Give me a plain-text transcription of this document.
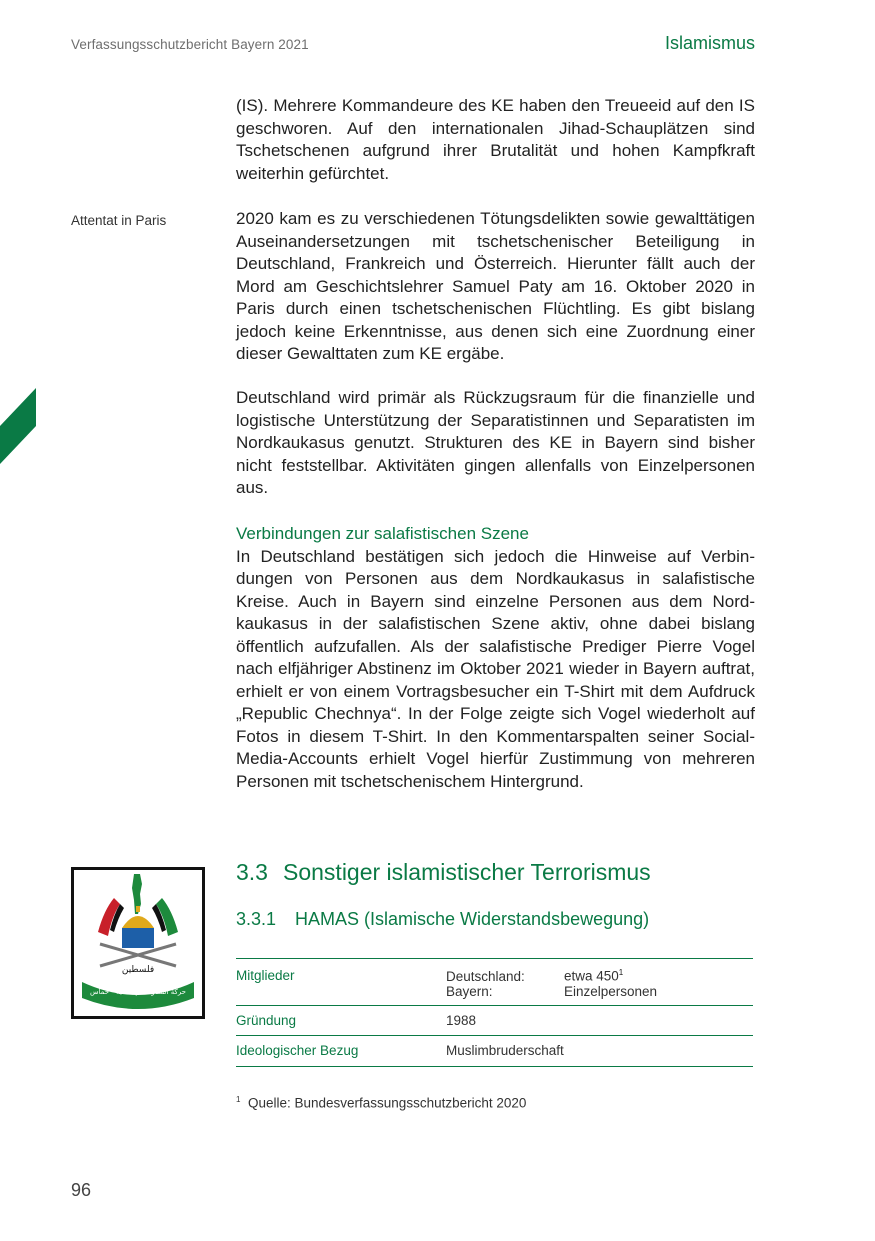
Verfassungsschutzbericht Bayern 2021	Islamismus

(IS). Mehrere Kommandeure des KE haben den Treueeid auf den IS geschworen. Auf den internationalen Jihad-Schauplätzen sind Tschetschenen aufgrund ihrer Brutalität und hohen Kampfkraft weiterhin gefürchtet.

Attentat in Paris	2020 kam es zu verschiedenen Tötungsdelikten sowie gewalttätigen Auseinandersetzungen mit tschetschenischer Beteiligung in Deutschland, Frankreich und Österreich. Hierunter fällt auch der Mord am Geschichtslehrer Samuel Paty am 16. Oktober 2020 in Paris durch einen tschetschenischen Flüchtling. Es gibt bislang jedoch keine Erkenntnisse, aus denen sich eine Zuordnung einer dieser Gewalttaten zum KE ergäbe.

Deutschland wird primär als Rückzugsraum für die finanzielle und logistische Unterstützung der Separatistinnen und Separatisten im Nordkaukasus genutzt. Strukturen des KE in Bayern sind bisher nicht feststellbar. Aktivitäten gingen allenfalls von Einzelpersonen aus.

Verbindungen zur salafistischen Szene

In Deutschland bestätigen sich jedoch die Hinweise auf Verbindungen von Personen aus dem Nordkaukasus in salafistische Kreise. Auch in Bayern sind einzelne Personen aus dem Nordkaukasus in der salafistischen Szene aktiv, ohne dabei bislang öffentlich aufzufallen. Als der salafistische Prediger Pierre Vogel nach elfjähriger Abstinenz im Oktober 2021 wieder in Bayern auftrat, erhielt er von einem Vortragsbesucher ein T-Shirt mit dem Aufdruck „Republic Chechnya“. In der Folge zeigte sich Vogel wiederholt auf Fotos in diesem T-Shirt. In den Kommentarspalten seiner Social-Media-Accounts erhielt Vogel hierfür Zustimmung von mehreren Personen mit tschetschenischem Hintergrund.

حركة المقاومة الإسلامية - حماس
فلسطين
3.3 Sonstiger islamistischer Terrorismus
3.3.1 HAMAS (Islamische Widerstandsbewegung)
Mitglieder	Deutschland: etwa $450^1$
Bayern: Einzelpersonen

Gründung	1988
Ideologischer Bezug	Muslimbruderschaft
$^1$ Quelle: Bundesverfassungsschutzbericht 2020
96
